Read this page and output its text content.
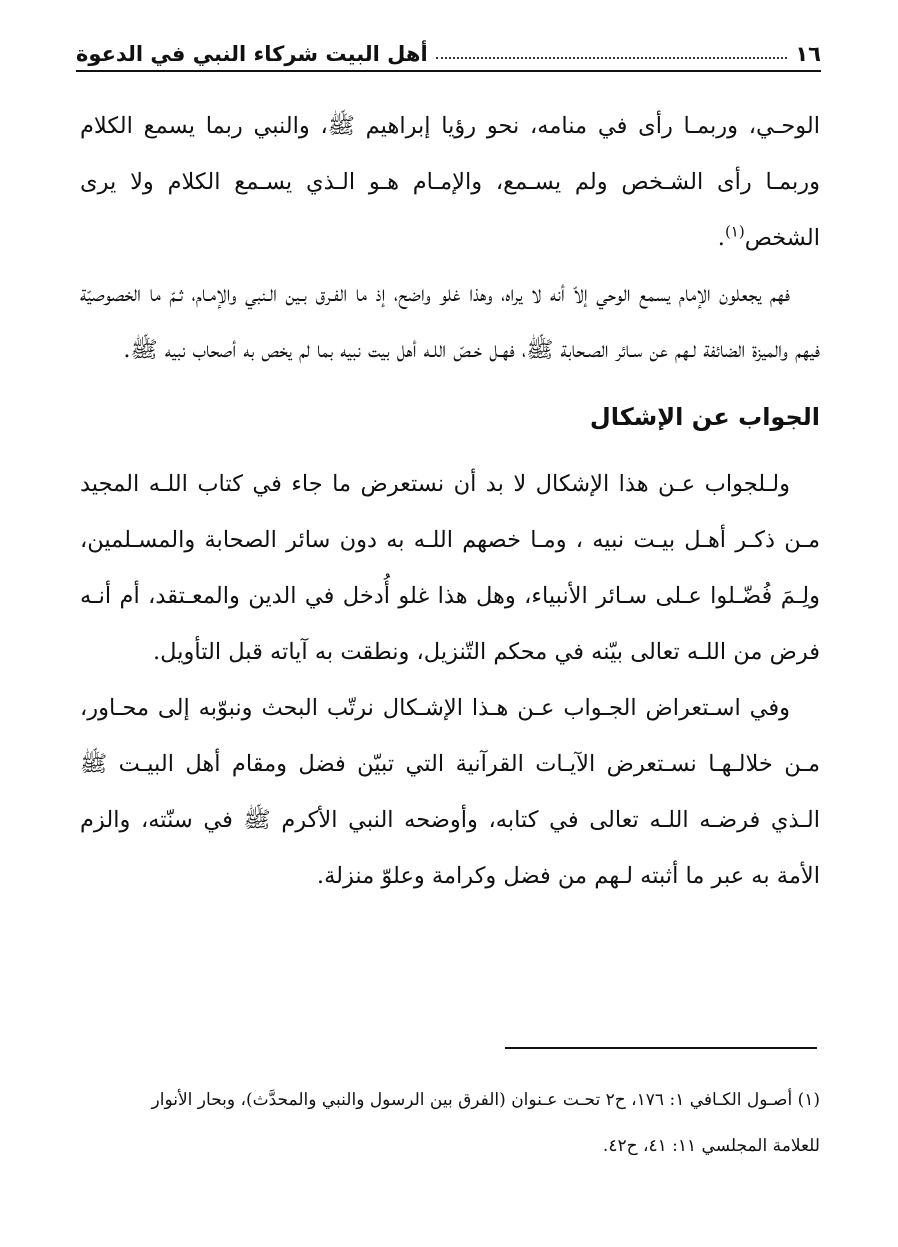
١٦
أهل البيت شركاء النبي في الدعوة

الوحـي، وربمـا رأى في منامه، نحو رؤيا إبراهيم ﷺ، والنبي ربما يسمع الكلام وربمـا رأى الشـخص ولم يسـمع، والإمـام هـو الـذي يسـمع الكلام ولا يرى الشخص$^{(١)}$.

فهم يجعلون الإمام يسمع الوحي إلاّ أنه لا يراه، وهذا غلو واضح، إذ ما الفـرق بـين الـنبي والإمـام، ثـمّ ما الخصوصيّة فيهم والميزة الضائفة لـهم عن سـائر الصـحابة ﷺ، فهـل خـصّ اللـه أهل بيت نبيه بما لم يخص به أصحاب نبيه ﷺ.

الجواب عن الإشكال

ولـلجواب عـن هذا الإشكال لا بد أن نستعرض ما جاء في كتاب اللـه المجيد مـن ذكـر أهـل بيـت نبيه ، ومـا خصهم اللـه به دون سائر الصحابة والمسـلمين، ولِـمَ فُضّـلوا عـلى سـائر الأنبياء، وهل هذا غلو أُدخل في الدين والمعـتقد، أم أنـه فرض من اللـه تعالى بيّنه في محكم التّنزيل، ونطقت به آياته قبل التأويل.

وفي اسـتعراض الجـواب عـن هـذا الإشـكال نرتّب البحث ونبوّبه إلى محـاور، مـن خلالـهـا نسـتعرض الآيـات القرآنية التي تبيّن فضل ومقام أهل البيـت ﷺ الـذي فرضـه اللـه تعالى في كتابه، وأوضحه النبي الأكرم ﷺ في سنّته، والزم الأمة به عبر ما أثبته لـهم من فضل وكرامة وعلوّ منزلة.

(١) أصـول الكـافي ١: ١٧٦، ح٢ تحـت عـنوان (الفرق بين الرسول والنبي والمحدَّث)، وبحار الأنوار

للعلامة المجلسي ١١: ٤١، ح٤٢.
